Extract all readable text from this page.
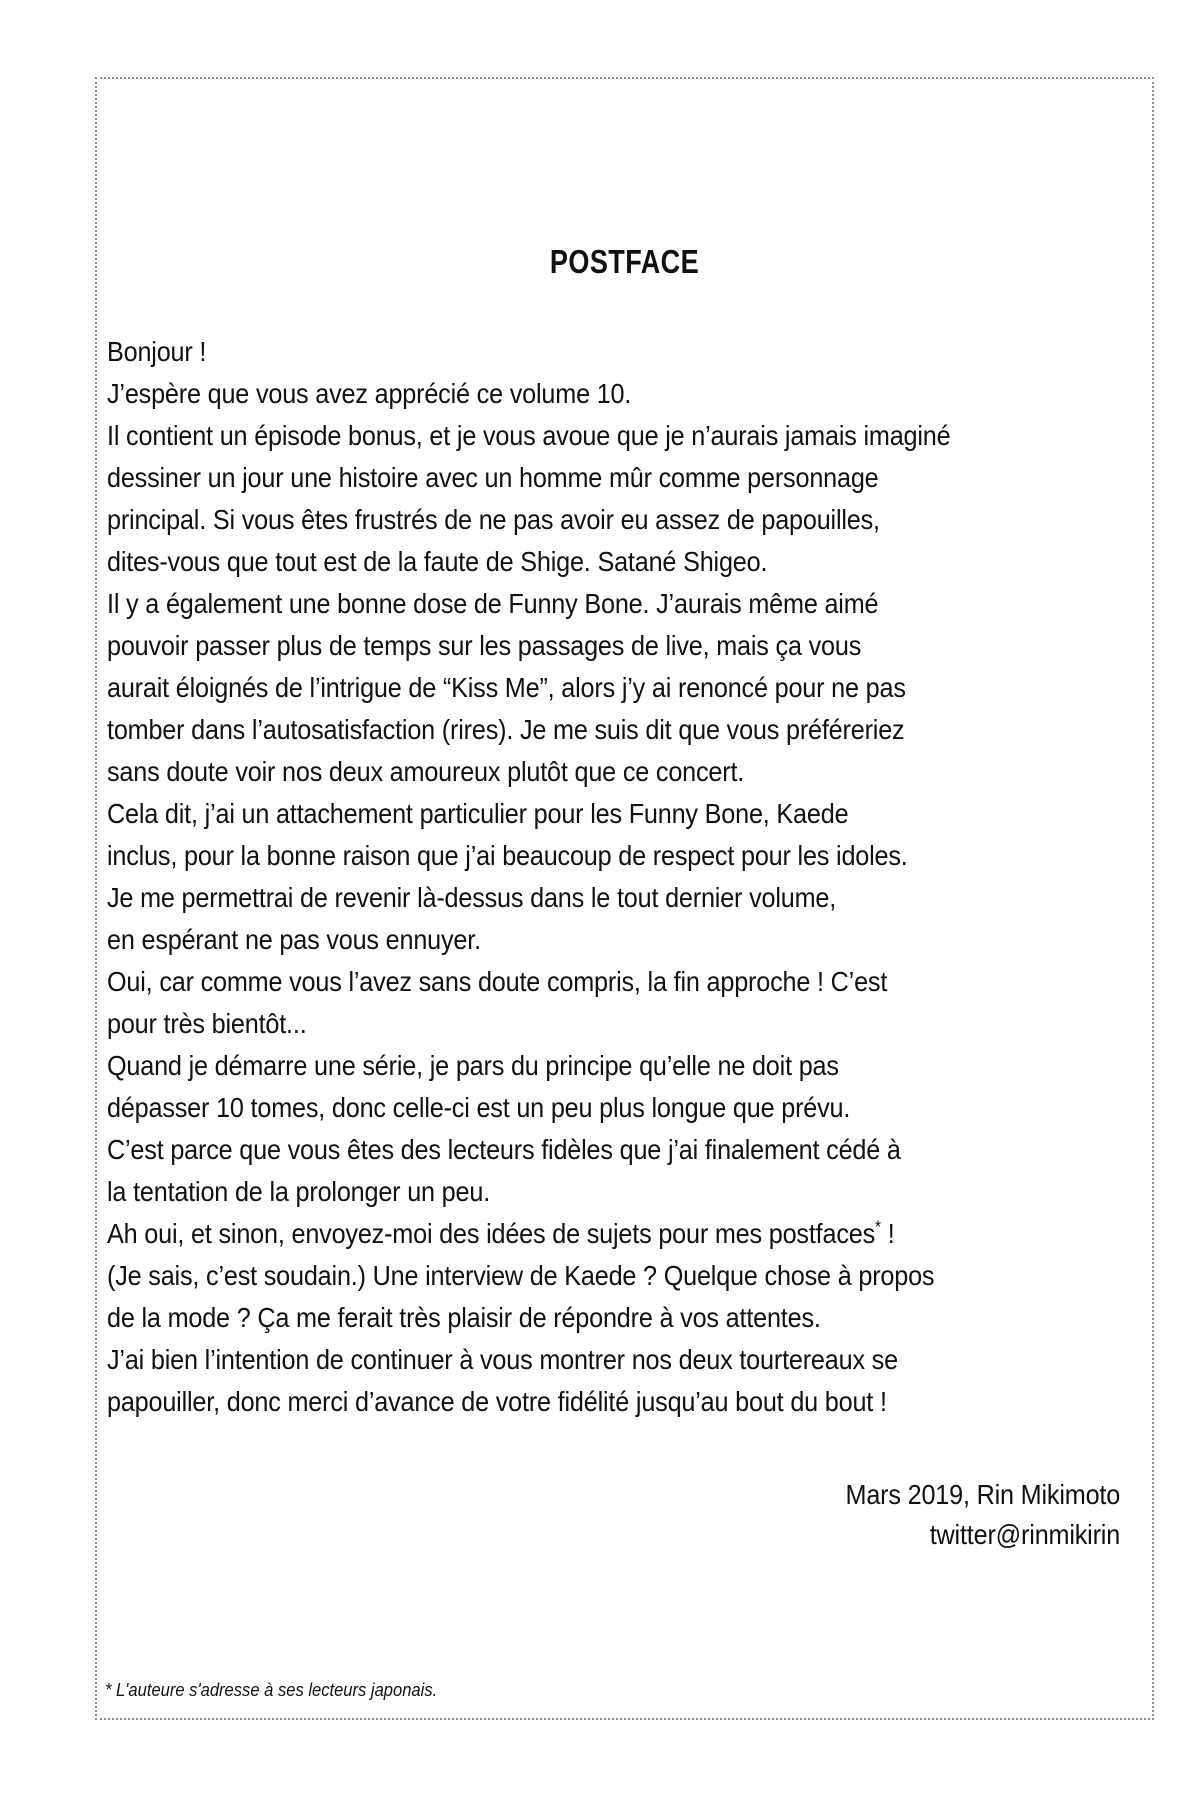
POSTFACE
Bonjour !
J’espère que vous avez apprécié ce volume 10.
Il contient un épisode bonus, et je vous avoue que je n’aurais jamais imaginé
dessiner un jour une histoire avec un homme mûr comme personnage
principal. Si vous êtes frustrés de ne pas avoir eu assez de papouilles,
dites-vous que tout est de la faute de Shige. Satané Shigeo.
Il y a également une bonne dose de Funny Bone. J’aurais même aimé
pouvoir passer plus de temps sur les passages de live, mais ça vous
aurait éloignés de l’intrigue de “Kiss Me”, alors j’y ai renoncé pour ne pas
tomber dans l’autosatisfaction (rires). Je me suis dit que vous préféreriez
sans doute voir nos deux amoureux plutôt que ce concert.
Cela dit, j’ai un attachement particulier pour les Funny Bone, Kaede
inclus, pour la bonne raison que j’ai beaucoup de respect pour les idoles.
Je me permettrai de revenir là-dessus dans le tout dernier volume,
en espérant ne pas vous ennuyer.
Oui, car comme vous l’avez sans doute compris, la fin approche ! C’est
pour très bientôt...
Quand je démarre une série, je pars du principe qu’elle ne doit pas
dépasser 10 tomes, donc celle-ci est un peu plus longue que prévu.
C’est parce que vous êtes des lecteurs fidèles que j’ai finalement cédé à
la tentation de la prolonger un peu.
Ah oui, et sinon, envoyez-moi des idées de sujets pour mes postfaces* !
(Je sais, c’est soudain.) Une interview de Kaede ? Quelque chose à propos
de la mode ? Ça me ferait très plaisir de répondre à vos attentes.
J’ai bien l’intention de continuer à vous montrer nos deux tourtereaux se
papouiller, donc merci d’avance de votre fidélité jusqu’au bout du bout !
Mars 2019, Rin Mikimoto
twitter@rinmikirin
* L'auteure s'adresse à ses lecteurs japonais.
